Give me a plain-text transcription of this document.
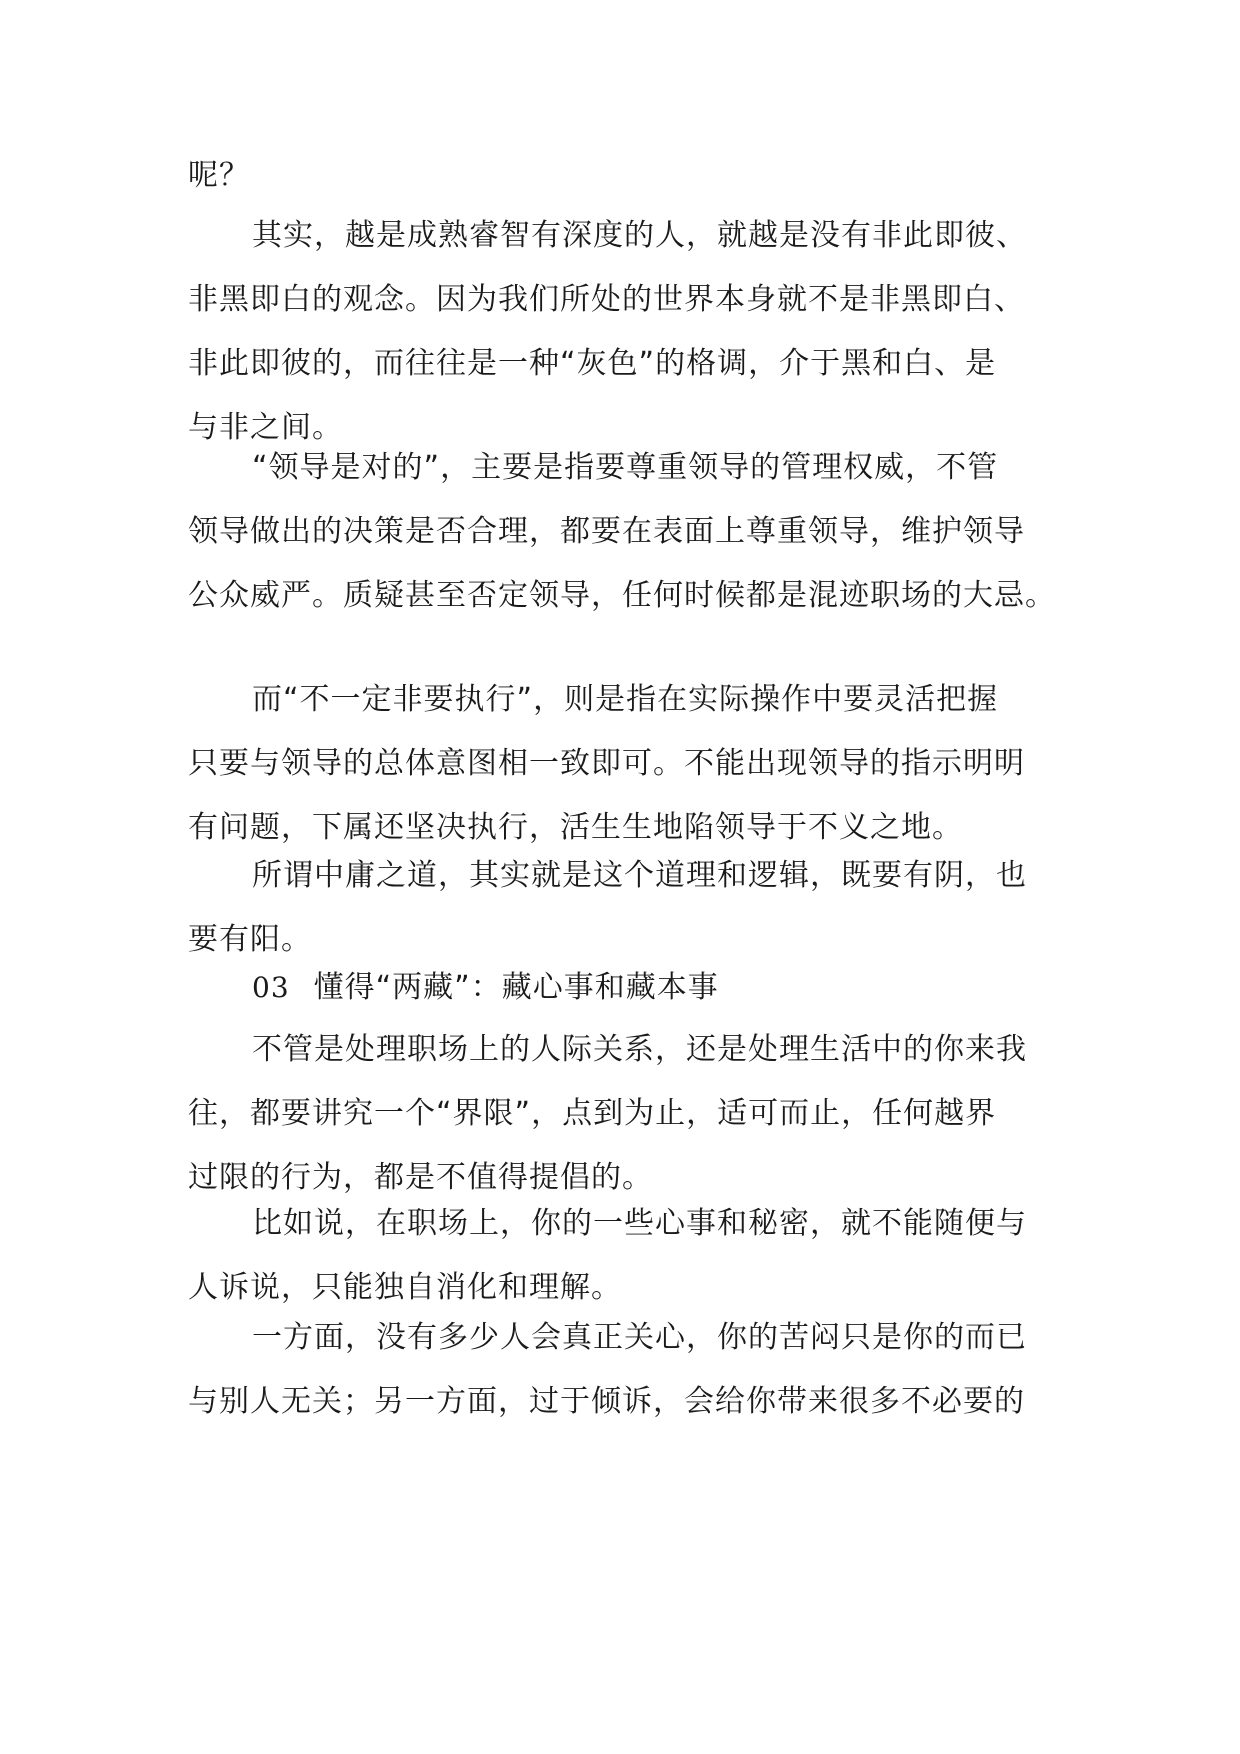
呢？
其实，越是成熟睿智有深度的人，就越是没有非此即彼、
非黑即白的观念。因为我们所处的世界本身就不是非黑即白、
非此即彼的，而往往是一种“灰色”的格调，介于黑和白、是
与非之间。
“领导是对的”，主要是指要尊重领导的管理权威，不管
领导做出的决策是否合理，都要在表面上尊重领导，维护领导
公众威严。质疑甚至否定领导，任何时候都是混迹职场的大忌。
而“不一定非要执行”，则是指在实际操作中要灵活把握
只要与领导的总体意图相一致即可。不能出现领导的指示明明
有问题，下属还坚决执行，活生生地陷领导于不义之地。
所谓中庸之道，其实就是这个道理和逻辑，既要有阴，也
要有阳。
03 懂得“两藏”：藏心事和藏本事
不管是处理职场上的人际关系，还是处理生活中的你来我
往，都要讲究一个“界限”，点到为止，适可而止，任何越界
过限的行为，都是不值得提倡的。
比如说，在职场上，你的一些心事和秘密，就不能随便与
人诉说，只能独自消化和理解。
一方面，没有多少人会真正关心，你的苦闷只是你的而已
与别人无关；另一方面，过于倾诉，会给你带来很多不必要的
